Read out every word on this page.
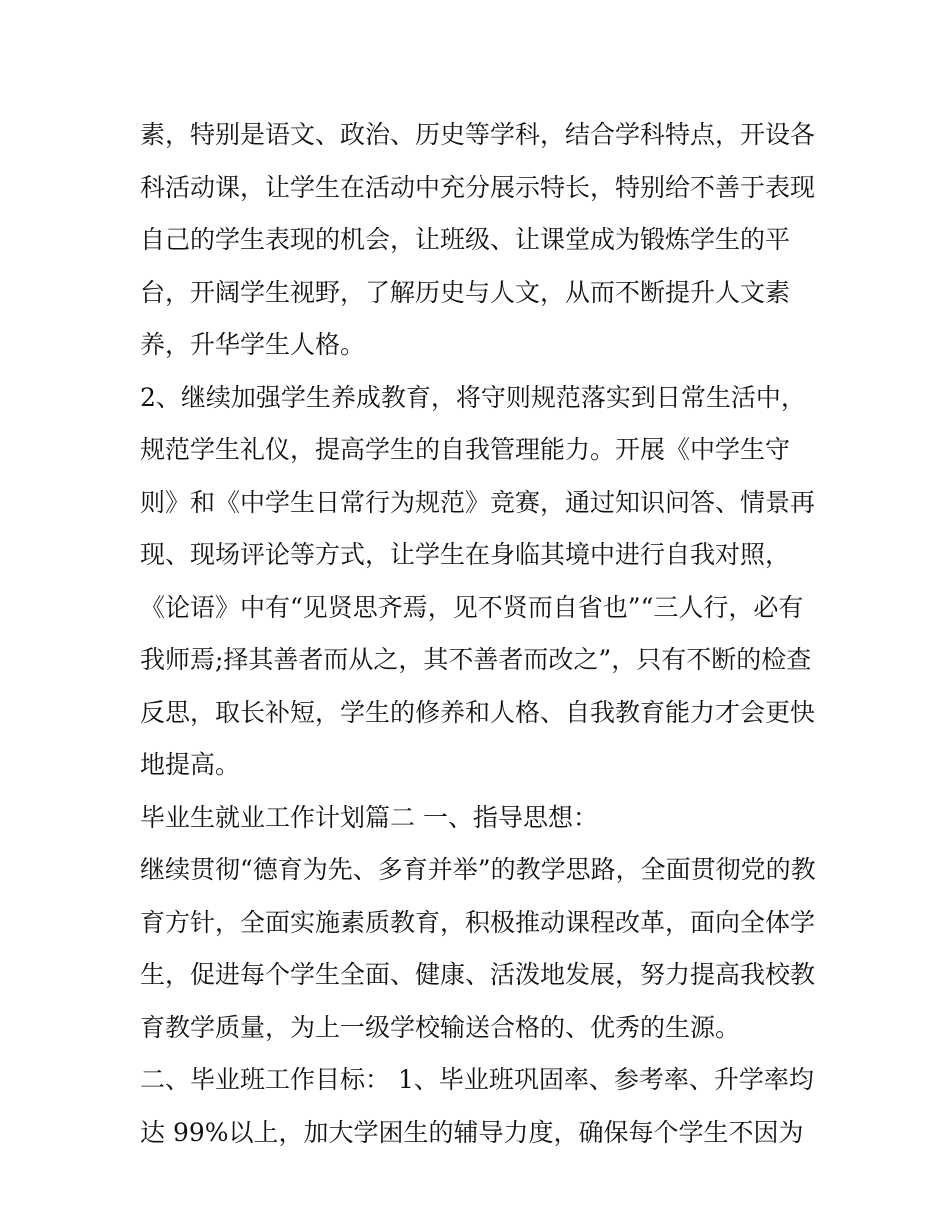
素，特别是语文、政治、历史等学科，结合学科特点，开设各
科活动课，让学生在活动中充分展示特长，特别给不善于表现
自己的学生表现的机会，让班级、让课堂成为锻炼学生的平
台，开阔学生视野，了解历史与人文，从而不断提升人文素
养，升华学生人格。
2、继续加强学生养成教育，将守则规范落实到日常生活中，
规范学生礼仪，提高学生的自我管理能力。开展《中学生守
则》和《中学生日常行为规范》竞赛，通过知识问答、情景再
现、现场评论等方式，让学生在身临其境中进行自我对照，
《论语》中有“见贤思齐焉，见不贤而自省也”“三人行，必有
我师焉;择其善者而从之，其不善者而改之”，只有不断的检查
反思，取长补短，学生的修养和人格、自我教育能力才会更快
地提高。
毕业生就业工作计划篇二 一、指导思想：
继续贯彻“德育为先、多育并举”的教学思路，全面贯彻党的教
育方针，全面实施素质教育，积极推动课程改革，面向全体学
生，促进每个学生全面、健康、活泼地发展，努力提高我校教
育教学质量，为上一级学校输送合格的、优秀的生源。
二、毕业班工作目标： 1、毕业班巩固率、参考率、升学率均
达 99%以上，加大学困生的辅导力度，确保每个学生不因为
